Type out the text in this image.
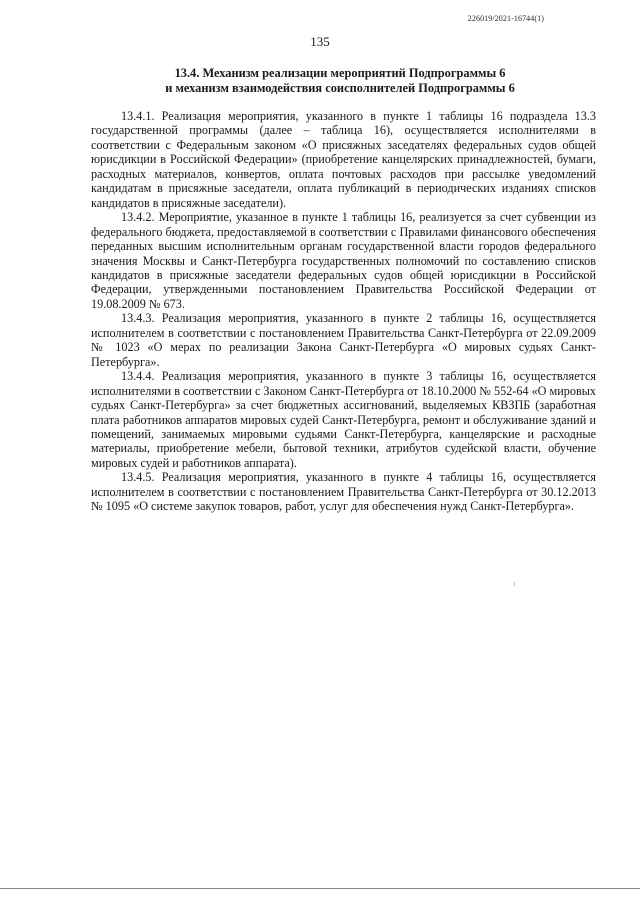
226019/2021-16744(1)
135
13.4. Механизм реализации мероприятий Подпрограммы 6
и механизм взаимодействия соисполнителей Подпрограммы 6

13.4.1. Реализация мероприятия, указанного в пункте 1 таблицы 16 подраздела 13.3 государственной программы (далее – таблица 16), осуществляется исполнителями в соответствии с Федеральным законом «О присяжных заседателях федеральных судов общей юрисдикции в Российской Федерации» (приобретение канцелярских принадлежностей, бумаги, расходных материалов, конвертов, оплата почтовых расходов при рассылке уведомлений кандидатам в присяжные заседатели, оплата публикаций в периодических изданиях списков кандидатов в присяжные заседатели).

13.4.2. Мероприятие, указанное в пункте 1 таблицы 16, реализуется за счет субвенции из федерального бюджета, предоставляемой в соответствии с Правилами финансового обеспечения переданных высшим исполнительным органам государственной власти городов федерального значения Москвы и Санкт-Петербурга государственных полномочий по составлению списков кандидатов в присяжные заседатели федеральных судов общей юрисдикции в Российской Федерации, утвержденными постановлением Правительства Российской Федерации от 19.08.2009 № 673.

13.4.3. Реализация мероприятия, указанного в пункте 2 таблицы 16, осуществляется исполнителем в соответствии с постановлением Правительства Санкт-Петербурга от 22.09.2009 № 1023 «О мерах по реализации Закона Санкт-Петербурга «О мировых судьях Санкт-Петербурга».

13.4.4. Реализация мероприятия, указанного в пункте 3 таблицы 16, осуществляется исполнителями в соответствии с Законом Санкт-Петербурга от 18.10.2000 № 552-64 «О мировых судьях Санкт-Петербурга» за счет бюджетных ассигнований, выделяемых КВЗПБ (заработная плата работников аппаратов мировых судей Санкт-Петербурга, ремонт и обслуживание зданий и помещений, занимаемых мировыми судьями Санкт-Петербурга, канцелярские и расходные материалы, приобретение мебели, бытовой техники, атрибутов судейской власти, обучение мировых судей и работников аппарата).

13.4.5. Реализация мероприятия, указанного в пункте 4 таблицы 16, осуществляется исполнителем в соответствии с постановлением Правительства Санкт-Петербурга от 30.12.2013 № 1095 «О системе закупок товаров, работ, услуг для обеспечения нужд Санкт-Петербурга».
